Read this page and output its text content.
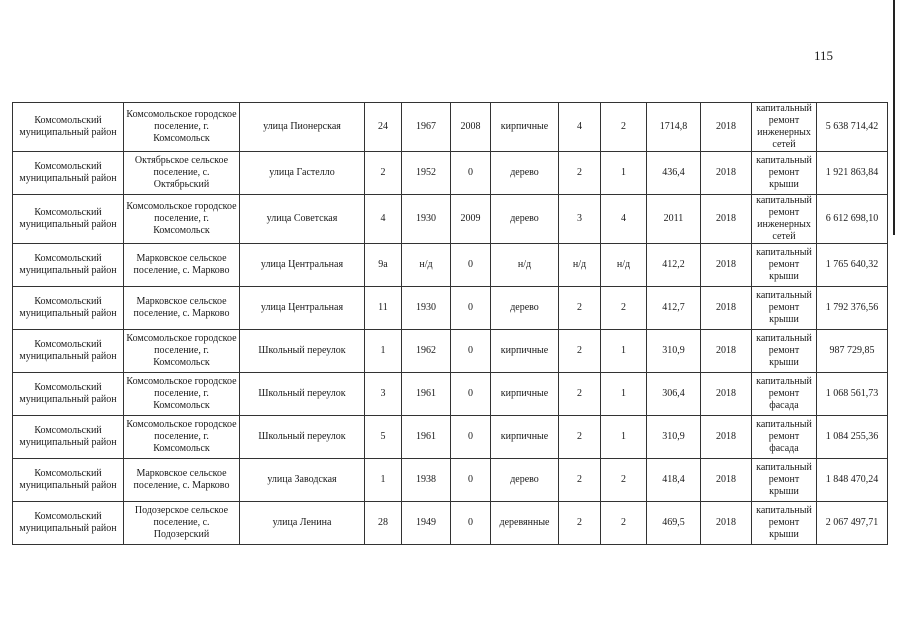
115
Комсомольский муниципальный район	Комсомольское городское поселение, г. Комсомольск	улица Пионерская	24	1967	2008	кирпичные	4	2	1714,8	2018	капитальный ремонт инженерных сетей	5 638 714,42
Комсомольский муниципальный район	Октябрьское сельское поселение, с. Октябрьский	улица Гастелло	2	1952	0	дерево	2	1	436,4	2018	капитальный ремонт крыши	1 921 863,84
Комсомольский муниципальный район	Комсомольское городское поселение, г. Комсомольск	улица Советская	4	1930	2009	дерево	3	4	2011	2018	капитальный ремонт инженерных сетей	6 612 698,10
Комсомольский муниципальный район	Марковское сельское поселение, с. Марково	улица Центральная	9а	н/д	0	н/д	н/д	н/д	412,2	2018	капитальный ремонт крыши	1 765 640,32
Комсомольский муниципальный район	Марковское сельское поселение, с. Марково	улица Центральная	11	1930	0	дерево	2	2	412,7	2018	капитальный ремонт крыши	1 792 376,56
Комсомольский муниципальный район	Комсомольское городское поселение, г. Комсомольск	Школьный переулок	1	1962	0	кирпичные	2	1	310,9	2018	капитальный ремонт крыши	987 729,85
Комсомольский муниципальный район	Комсомольское городское поселение, г. Комсомольск	Школьный переулок	3	1961	0	кирпичные	2	1	306,4	2018	капитальный ремонт фасада	1 068 561,73
Комсомольский муниципальный район	Комсомольское городское поселение, г. Комсомольск	Школьный переулок	5	1961	0	кирпичные	2	1	310,9	2018	капитальный ремонт фасада	1 084 255,36
Комсомольский муниципальный район	Марковское сельское поселение, с. Марково	улица Заводская	1	1938	0	дерево	2	2	418,4	2018	капитальный ремонт крыши	1 848 470,24
Комсомольский муниципальный район	Подозерское сельское поселение, с. Подозерский	улица Ленина	28	1949	0	деревянные	2	2	469,5	2018	капитальный ремонт крыши	2 067 497,71
